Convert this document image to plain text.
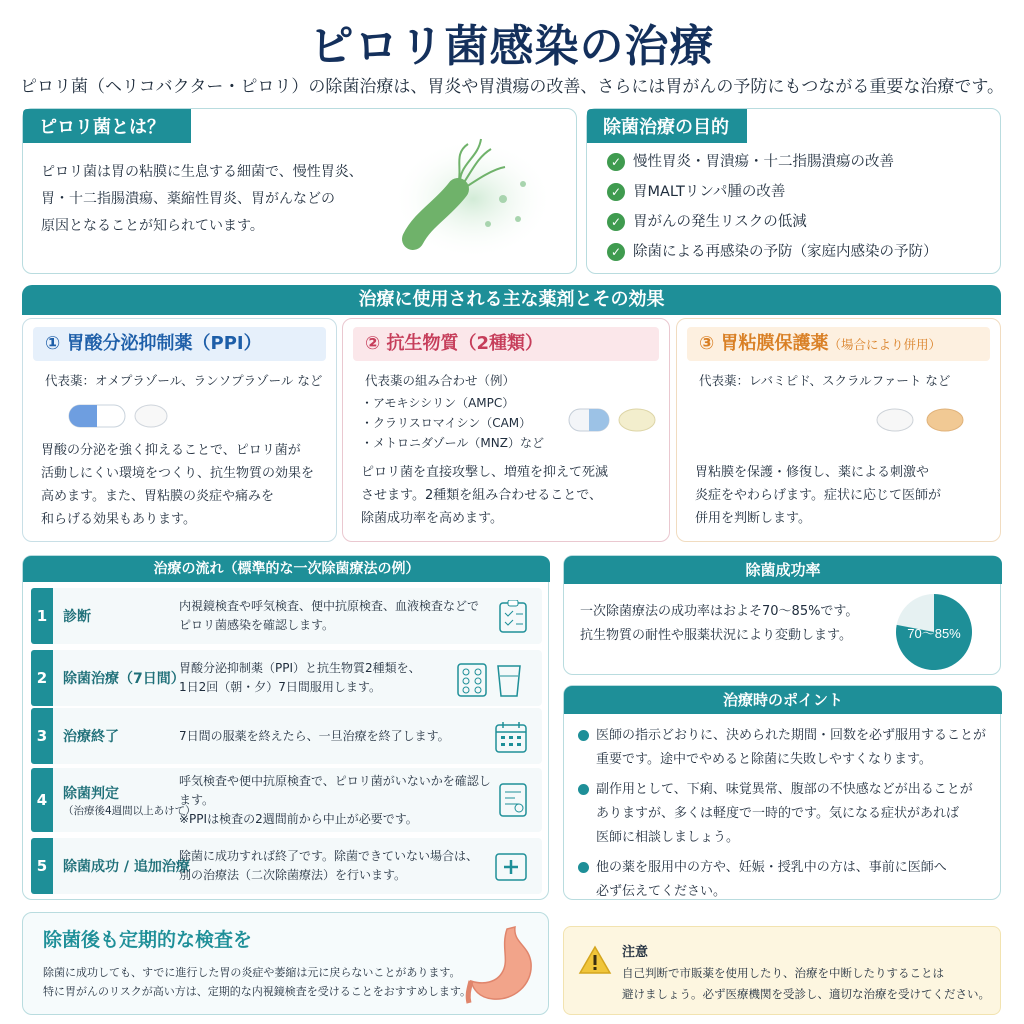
ピロリ菌感染の治療
ピロリ菌（ヘリコバクター・ピロリ）の除菌治療は、胃炎や胃潰瘍の改善、さらには胃がんの予防にもつながる重要な治療です。
ピロリ菌とは？
ピロリ菌は胃の粘膜に生息する細菌で、慢性胃炎、
胃・十二指腸潰瘍、薬縮性胃炎、胃がんなどの
原因となることが知られています。
除菌治療の目的
✓ 慢性胃炎・胃潰瘍・十二指腸潰瘍の改善
✓ 胃MALTリンパ腫の改善
✓ 胃がんの発生リスクの低減
✓ 除菌による再感染の予防（家庭内感染の予防）
治療に使用される主な薬剤とその効果
① 胃酸分泌抑制薬（PPI）
代表薬：オメプラゾール、ランソプラゾール など
胃酸の分泌を強く抑えることで、ピロリ菌が
活動しにくい環境をつくり、抗生物質の効果を
高めます。また、胃粘膜の炎症や痛みを
和らげる効果もあります。
② 抗生物質（2種類）
代表薬の組み合わせ（例）
・アモキシシリン（AMPC）
・クラリスロマイシン（CAM）
・メトロニダゾール（MNZ）など
ピロリ菌を直接攻撃し、増殖を抑えて死滅
させます。2種類を組み合わせることで、
除菌成功率を高めます。
③ 胃粘膜保護薬（場合により併用）
代表薬：レバミピド、スクラルファート など
胃粘膜を保護・修復し、薬による刺激や
炎症をやわらげます。症状に応じて医師が
併用を判断します。
治療の流れ（標準的な一次除菌療法の例）
1	診断
内視鏡検査や呼気検査、便中抗原検査、血液検査などで
ピロリ菌感染を確認します。
2	除菌治療（7日間）
胃酸分泌抑制薬（PPI）と抗生物質2種類を、
1日2回（朝・夕）7日間服用します。
3	治療終了	7日間の服薬を終えたら、一旦治療を終了します。
4	除菌判定
（治療後4週間以上あけて）
呼気検査や便中抗原検査で、ピロリ菌がいないかを確認します。
※PPIは検査の2週間前から中止が必要です。
5	除菌成功 / 追加治療
除菌に成功すれば終了です。除菌できていない場合は、
別の治療法（二次除菌療法）を行います。
除菌成功率
一次除菌療法の成功率はおよそ70〜85%です。
抗生物質の耐性や服薬状況により変動します。	70〜85%
治療時のポイント
医師の指示どおりに、決められた期間・回数を必ず服用することが
重要です。途中でやめると除菌に失敗しやすくなります。
副作用として、下痢、味覚異常、腹部の不快感などが出ることが
ありますが、多くは軽度で一時的です。気になる症状があれば
医師に相談しましょう。
他の薬を服用中の方や、妊娠・授乳中の方は、事前に医師へ
必ず伝えてください。
除菌後も定期的な検査を

除菌に成功しても、すでに進行した胃の炎症や萎縮は元に戻らないことがあります。
特に胃がんのリスクが高い方は、定期的な内視鏡検査を受けることをおすすめします。

注意
自己判断で市販薬を使用したり、治療を中断したりすることは
避けましょう。必ず医療機関を受診し、適切な治療を受けてください。
